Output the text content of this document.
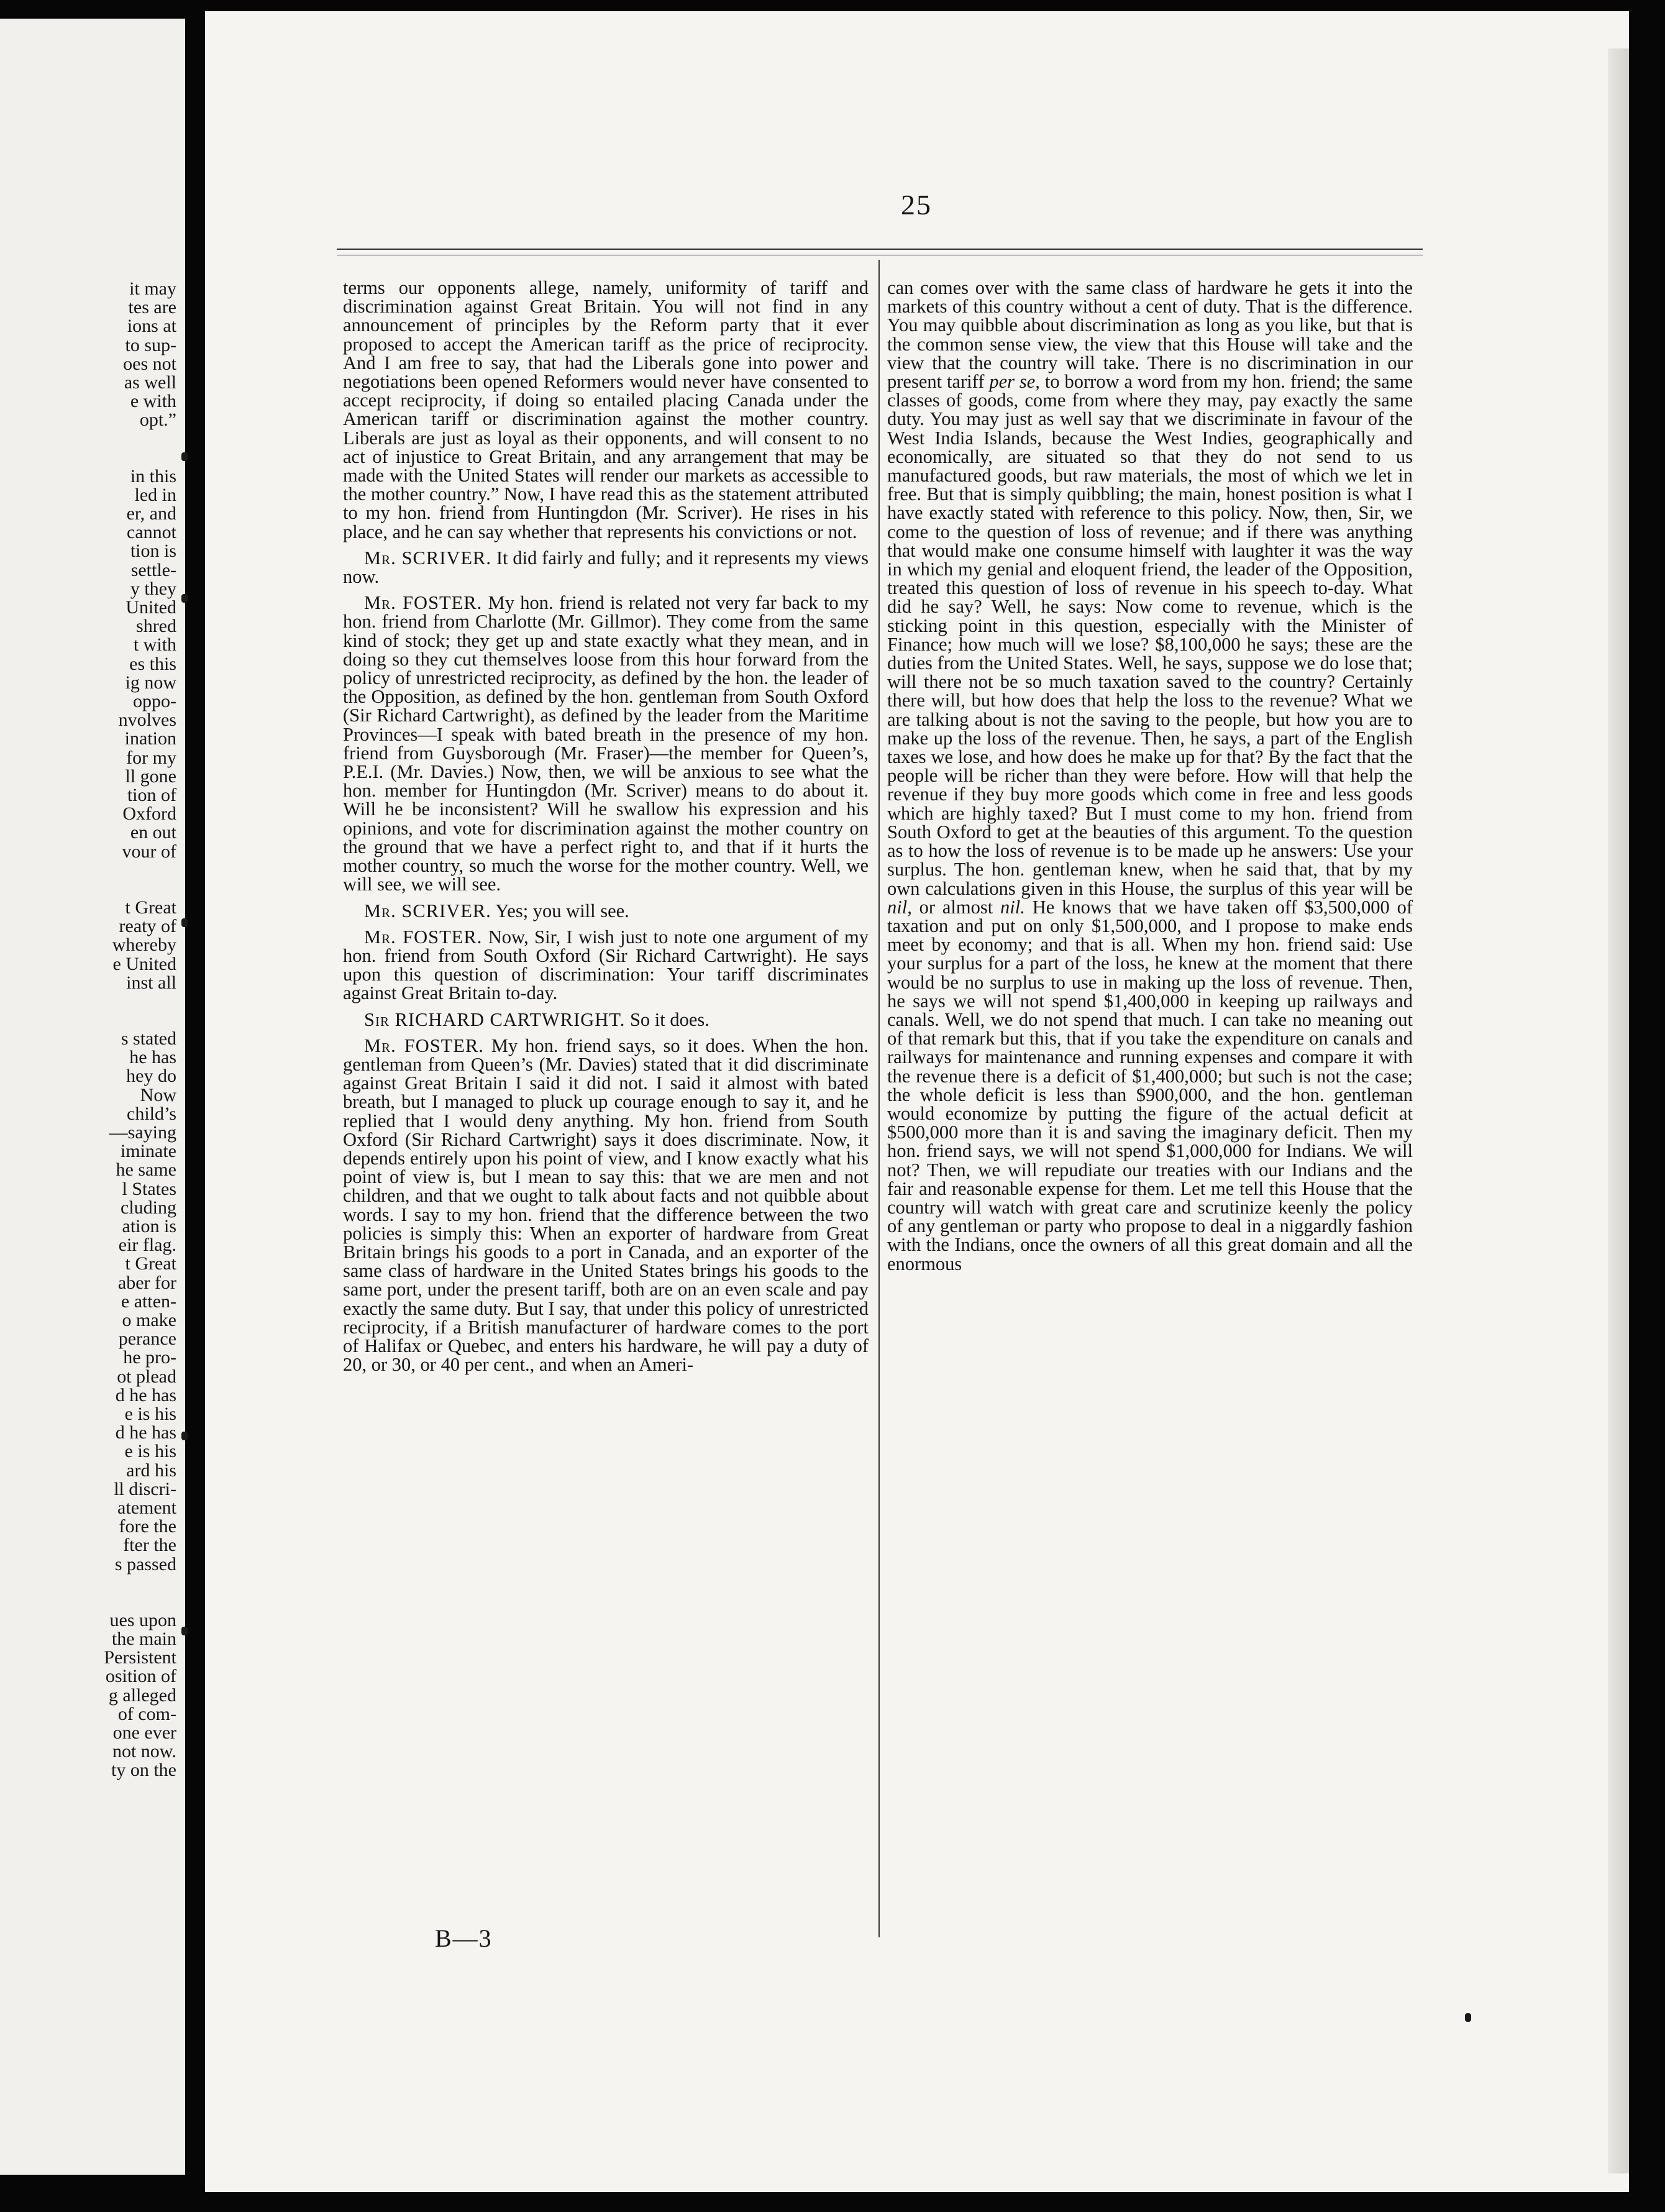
it may
tes are
ions at
to sup-
oes not
as well
e with
opt.”
in this
led in
er, and
cannot
tion is
settle-
y they
United
shred
t with
es this
ig now
oppo-
nvolves
ination
for my
ll gone
tion of
Oxford
en out
vour of
t Great
reaty of
whereby
e United
inst all
s stated
he has
hey do
Now
child’s
—saying
iminate
he same
l States
cluding
ation is
eir flag.
t Great
aber for
e atten-
o make
perance
he pro-
ot plead
d he has
e is his
d he has
e is his
ard his
ll discri-
atement
fore the
fter the
s passed
ues upon
the main
Persistent
osition of
g alleged
of com-
one ever
not now.
ty on the
25

terms our opponents allege, namely, uniformity of tariff and discrimination against Great Britain. You will not find in any announcement of principles by the Reform party that it ever proposed to accept the American tariff as the price of reciprocity. And I am free to say, that had the Liberals gone into power and negotiations been opened Reformers would never have consented to accept reciprocity, if doing so entailed placing Canada under the American tariff or discrimination against the mother country. Liberals are just as loyal as their opponents, and will consent to no act of injustice to Great Britain, and any arrangement that may be made with the United States will render our markets as accessible to the mother country.” Now, I have read this as the statement attributed to my hon. friend from Huntingdon (Mr. Scriver). He rises in his place, and he can say whether that represents his convictions or not.

Mr. SCRIVER. It did fairly and fully; and it represents my views now.

Mr. FOSTER. My hon. friend is related not very far back to my hon. friend from Charlotte (Mr. Gillmor). They come from the same kind of stock; they get up and state exactly what they mean, and in doing so they cut themselves loose from this hour forward from the policy of unrestricted reciprocity, as defined by the hon. the leader of the Opposition, as defined by the hon. gentleman from South Oxford (Sir Richard Cartwright), as defined by the leader from the Maritime Provinces—I speak with bated breath in the presence of my hon. friend from Guysborough (Mr. Fraser)—the member for Queen’s, P.E.I. (Mr. Davies.) Now, then, we will be anxious to see what the hon. member for Huntingdon (Mr. Scriver) means to do about it. Will he be inconsistent? Will he swallow his expression and his opinions, and vote for discrimination against the mother country on the ground that we have a perfect right to, and that if it hurts the mother country, so much the worse for the mother country. Well, we will see, we will see.

Mr. SCRIVER. Yes; you will see.

Mr. FOSTER. Now, Sir, I wish just to note one argument of my hon. friend from South Oxford (Sir Richard Cartwright). He says upon this question of discrimination: Your tariff discriminates against Great Britain to-day.

Sir RICHARD CARTWRIGHT. So it does.

Mr. FOSTER. My hon. friend says, so it does. When the hon. gentleman from Queen’s (Mr. Davies) stated that it did discriminate against Great Britain I said it did not. I said it almost with bated breath, but I managed to pluck up courage enough to say it, and he replied that I would deny anything. My hon. friend from South Oxford (Sir Richard Cartwright) says it does discriminate. Now, it depends entirely upon his point of view, and I know exactly what his point of view is, but I mean to say this: that we are men and not children, and that we ought to talk about facts and not quibble about words. I say to my hon. friend that the difference between the two policies is simply this: When an exporter of hardware from Great Britain brings his goods to a port in Canada, and an exporter of the same class of hardware in the United States brings his goods to the same port, under the present tariff, both are on an even scale and pay exactly the same duty. But I say, that under this policy of unrestricted reciprocity, if a British manufacturer of hardware comes to the port of Halifax or Quebec, and enters his hardware, he will pay a duty of 20, or 30, or 40 per cent., and when an Ameri-

can comes over with the same class of hardware he gets it into the markets of this country without a cent of duty. That is the difference. You may quibble about discrimination as long as you like, but that is the common sense view, the view that this House will take and the view that the country will take. There is no discrimination in our present tariff per se, to borrow a word from my hon. friend; the same classes of goods, come from where they may, pay exactly the same duty. You may just as well say that we discriminate in favour of the West India Islands, because the West Indies, geographically and economically, are situated so that they do not send to us manufactured goods, but raw materials, the most of which we let in free. But that is simply quibbling; the main, honest position is what I have exactly stated with reference to this policy. Now, then, Sir, we come to the question of loss of revenue; and if there was anything that would make one consume himself with laughter it was the way in which my genial and eloquent friend, the leader of the Opposition, treated this question of loss of revenue in his speech to-day. What did he say? Well, he says: Now come to revenue, which is the sticking point in this question, especially with the Minister of Finance; how much will we lose? $8,100,000 he says; these are the duties from the United States. Well, he says, suppose we do lose that; will there not be so much taxation saved to the country? Certainly there will, but how does that help the loss to the revenue? What we are talking about is not the saving to the people, but how you are to make up the loss of the revenue. Then, he says, a part of the English taxes we lose, and how does he make up for that? By the fact that the people will be richer than they were before. How will that help the revenue if they buy more goods which come in free and less goods which are highly taxed? But I must come to my hon. friend from South Oxford to get at the beauties of this argument. To the question as to how the loss of revenue is to be made up he answers: Use your surplus. The hon. gentleman knew, when he said that, that by my own calculations given in this House, the surplus of this year will be nil, or almost nil. He knows that we have taken off $3,500,000 of taxation and put on only $1,500,000, and I propose to make ends meet by economy; and that is all. When my hon. friend said: Use your surplus for a part of the loss, he knew at the moment that there would be no surplus to use in making up the loss of revenue. Then, he says we will not spend $1,400,000 in keeping up railways and canals. Well, we do not spend that much. I can take no meaning out of that remark but this, that if you take the expenditure on canals and railways for maintenance and running expenses and compare it with the revenue there is a deficit of $1,400,000; but such is not the case; the whole deficit is less than $900,000, and the hon. gentleman would economize by putting the figure of the actual deficit at $500,000 more than it is and saving the imaginary deficit. Then my hon. friend says, we will not spend $1,000,000 for Indians. We will not? Then, we will repudiate our treaties with our Indians and the fair and reasonable expense for them. Let me tell this House that the country will watch with great care and scrutinize keenly the policy of any gentleman or party who propose to deal in a niggardly fashion with the Indians, once the owners of all this great domain and all the enormous

B—3
